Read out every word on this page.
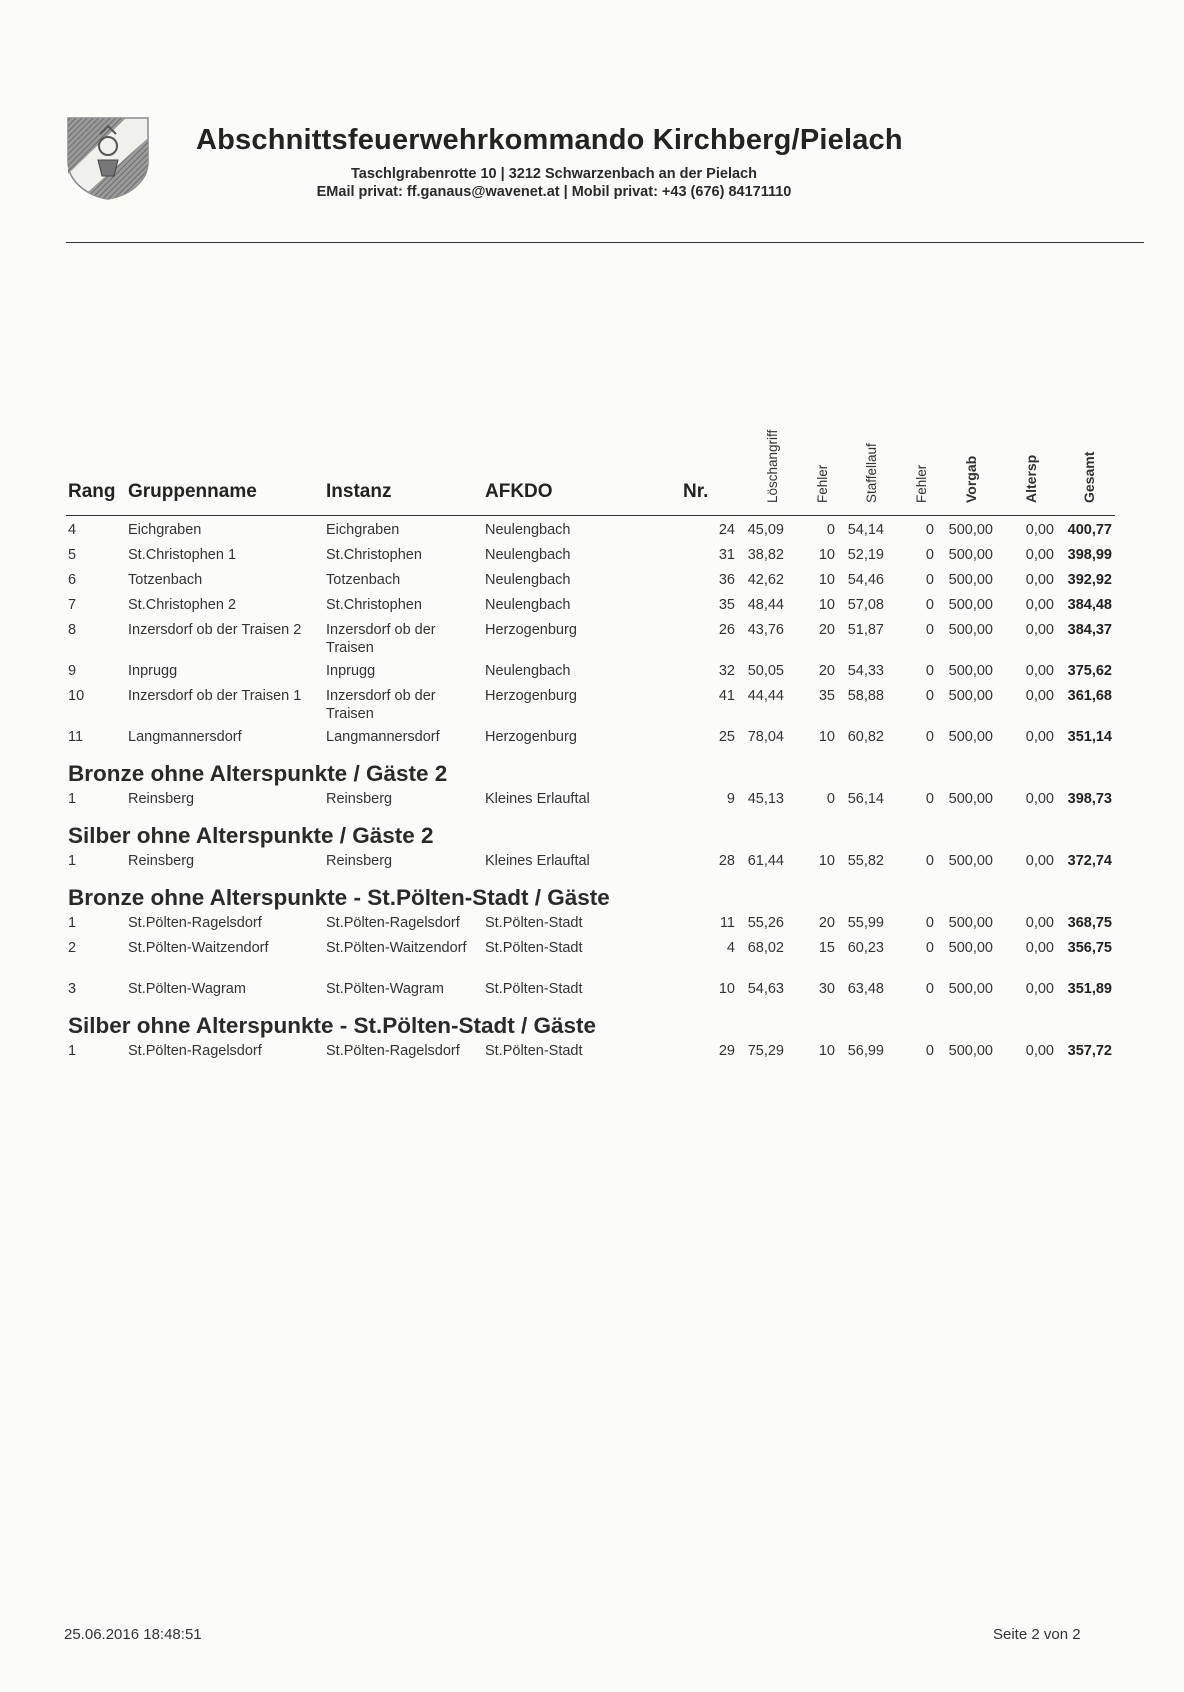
Abschnittsfeuerwehrkommando Kirchberg/Pielach
Taschlgrabenrotte 10 | 3212 Schwarzenbach an der Pielach
EMail privat: ff.ganaus@wavenet.at | Mobil privat: +43 (676) 84171110
Rang Gruppenname	Instanz	AFKDO	Nr.	Löschangriff	Fehler	Staffellauf	Fehler Vorgab	Altersp	Gesamt
4	Eichgraben	Eichgraben	Neulengbach	24 45,09	0 54,14	0 500,00 0,00 400,77
5	St.Christophen 1	St.Christophen	Neulengbach	31 38,82 10 52,19	0 500,00 0,00 398,99
6	Totzenbach	Totzenbach	Neulengbach	36 42,62 10 54,46	0 500,00 0,00 392,92
7	St.Christophen 2	St.Christophen	Neulengbach	35 48,44 10 57,08	0 500,00 0,00 384,48
8	Inzersdorf ob der Traisen 2	Inzersdorf ob der Traisen
Herzogenburg	26 43,76 20 51,87	0 500,00 0,00 384,37
9	Inprugg	Inprugg	Neulengbach	32 50,05 20 54,33	0 500,00 0,00 375,62
10	Inzersdorf ob der Traisen 1	Inzersdorf ob der Traisen
Herzogenburg	41 44,44 35 58,88	0 500,00 0,00 361,68
11	Langmannersdorf	Langmannersdorf	Herzogenburg	25 78,04 10 60,82	0 500,00 0,00 351,14
Bronze ohne Alterspunkte / Gäste 2
1	Reinsberg	Reinsberg	Kleines Erlauftal	9 45,13	0 56,14	0 500,00 0,00 398,73
Silber ohne Alterspunkte / Gäste 2
1	Reinsberg	Reinsberg	Kleines Erlauftal	28 61,44 10 55,82	0 500,00 0,00 372,74
Bronze ohne Alterspunkte - St.Pölten-Stadt / Gäste
1	St.Pölten-Ragelsdorf	St.Pölten-Ragelsdorf	St.Pölten-Stadt	11 55,26 20 55,99	0 500,00 0,00 368,75
2	St.Pölten-Waitzendorf	St.Pölten-Waitzendorf	St.Pölten-Stadt	4 68,02 15 60,23	0 500,00 0,00 356,75
3	St.Pölten-Wagram	St.Pölten-Wagram	St.Pölten-Stadt	10 54,63 30 63,48	0 500,00 0,00 351,89
Silber ohne Alterspunkte - St.Pölten-Stadt / Gäste
1	St.Pölten-Ragelsdorf	St.Pölten-Ragelsdorf	St.Pölten-Stadt	29 75,29 10 56,99	0 500,00 0,00 357,72
25.06.2016 18:48:51	Seite 2 von 2
